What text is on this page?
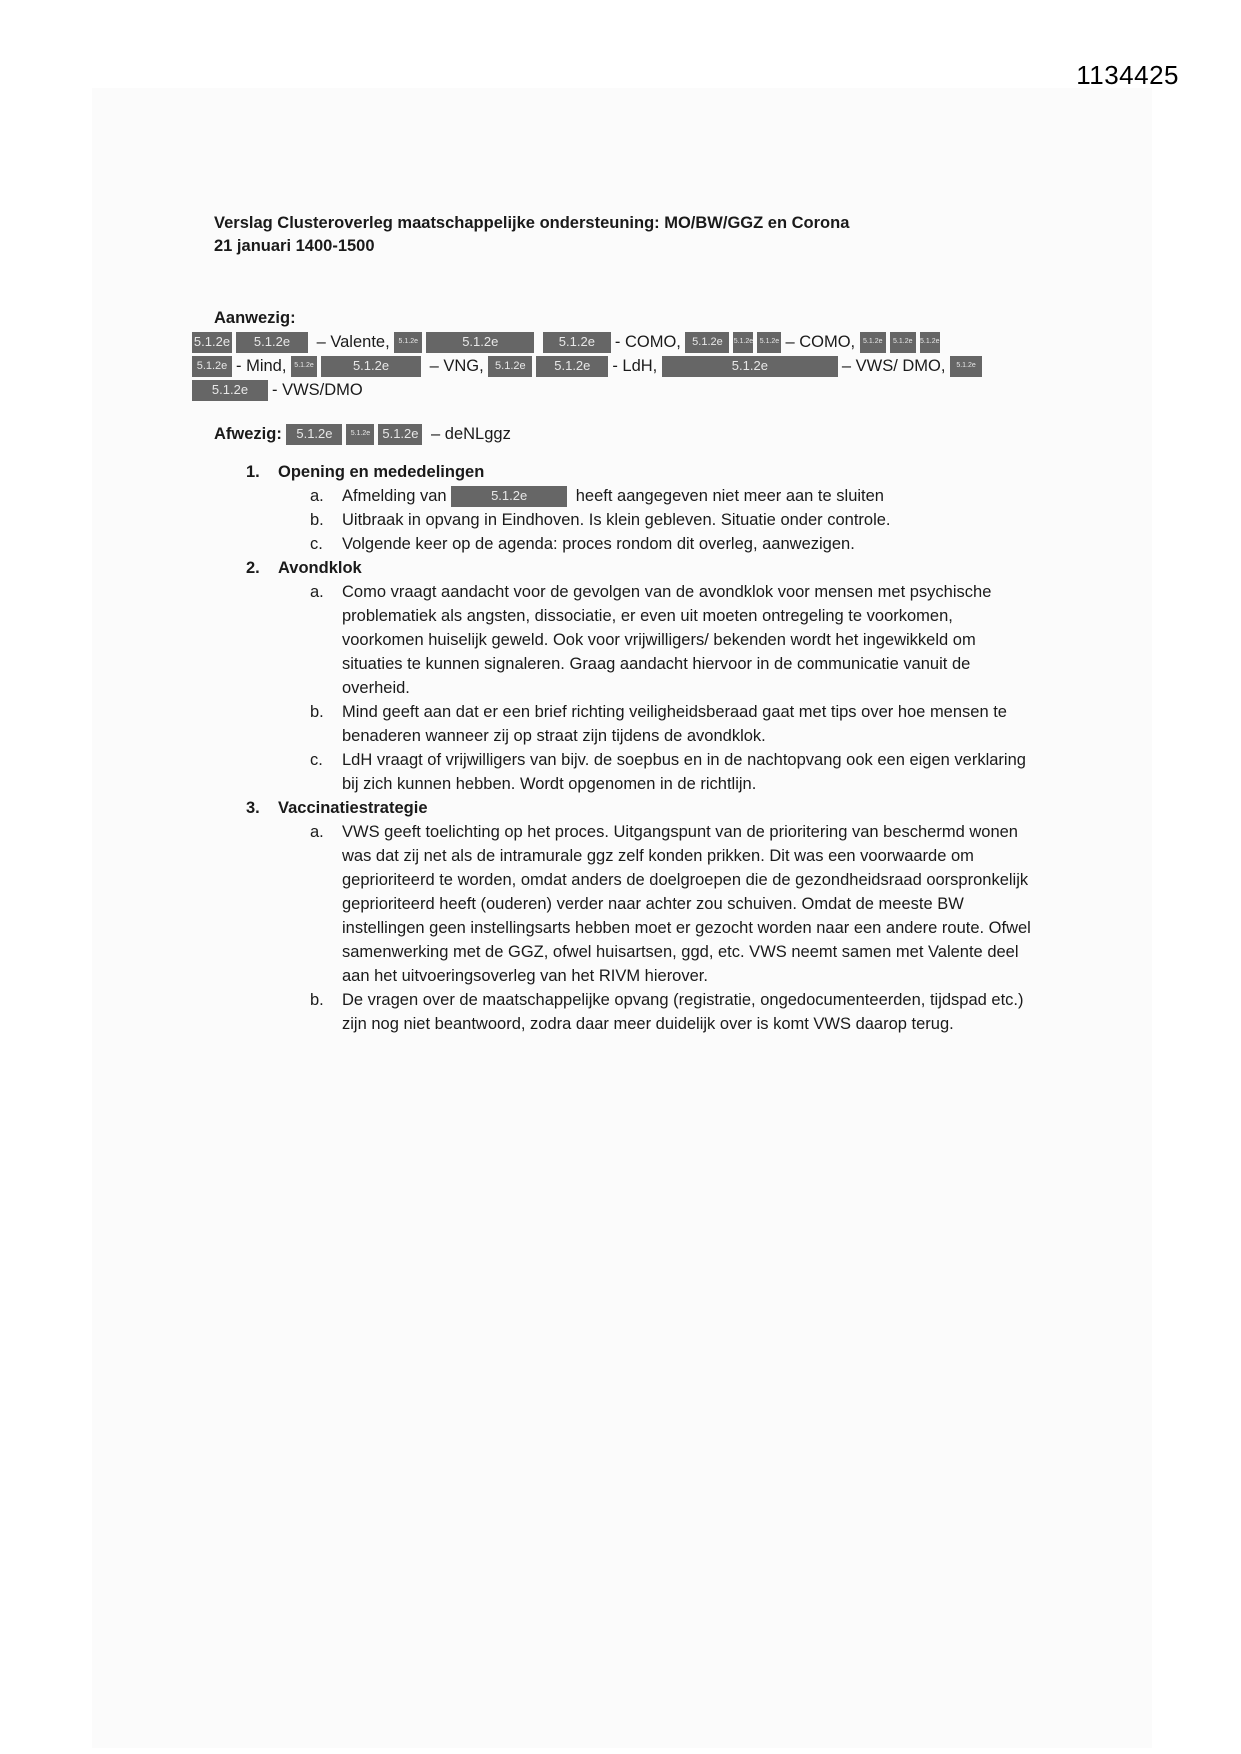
1134425

Verslag Clusteroverleg maatschappelijke ondersteuning: MO/BW/GGZ en Corona

21 januari 1400-1500

Aanwezig:
5.1.2e 5.1.2e – Valente, 5.1.2e	5.1.2e	5.1.2e - COMO, 5.1.2e 5.1.2e 5.1.2e – COMO, 5.1.2e 5.1.2e 5.1.2e
5.1.2e - Mind, 5.1.2e	5.1.2e – VNG, 5.1.2e 5.1.2e - LdH,	5.1.2e	– VWS/ DMO, 5.1.2e
5.1.2e - VWS/DMO
Afwezig: 5.1.2e	5.1.2e 5.1.2e – deNLggz
1. Opening en mededelingen
a. Afmelding van	5.1.2e	heeft aangegeven niet meer aan te sluiten
b. Uitbraak in opvang in Eindhoven. Is klein gebleven. Situatie onder controle.
c. Volgende keer op de agenda: proces rondom dit overleg, aanwezigen.
2. Avondklok
a. Como vraagt aandacht voor de gevolgen van de avondklok voor mensen met psychische problematiek als angsten, dissociatie, er even uit moeten ontregeling te voorkomen, voorkomen huiselijk geweld. Ook voor vrijwilligers/ bekenden wordt het ingewikkeld om situaties te kunnen signaleren. Graag aandacht hiervoor in de communicatie vanuit de overheid.
b. Mind geeft aan dat er een brief richting veiligheidsberaad gaat met tips over hoe mensen te benaderen wanneer zij op straat zijn tijdens de avondklok.
c. LdH vraagt of vrijwilligers van bijv. de soepbus en in de nachtopvang ook een eigen verklaring bij zich kunnen hebben. Wordt opgenomen in de richtlijn.
3. Vaccinatiestrategie
a. VWS geeft toelichting op het proces. Uitgangspunt van de prioritering van beschermd wonen was dat zij net als de intramurale ggz zelf konden prikken. Dit was een voorwaarde om geprioriteerd te worden, omdat anders de doelgroepen die de gezondheidsraad oorspronkelijk geprioriteerd heeft (ouderen) verder naar achter zou schuiven. Omdat de meeste BW instellingen geen instellingsarts hebben moet er gezocht worden naar een andere route. Ofwel samenwerking met de GGZ, ofwel huisartsen, ggd, etc. VWS neemt samen met Valente deel aan het uitvoeringsoverleg van het RIVM hierover.
b. De vragen over de maatschappelijke opvang (registratie, ongedocumenteerden, tijdspad etc.) zijn nog niet beantwoord, zodra daar meer duidelijk over is komt VWS daarop terug.
